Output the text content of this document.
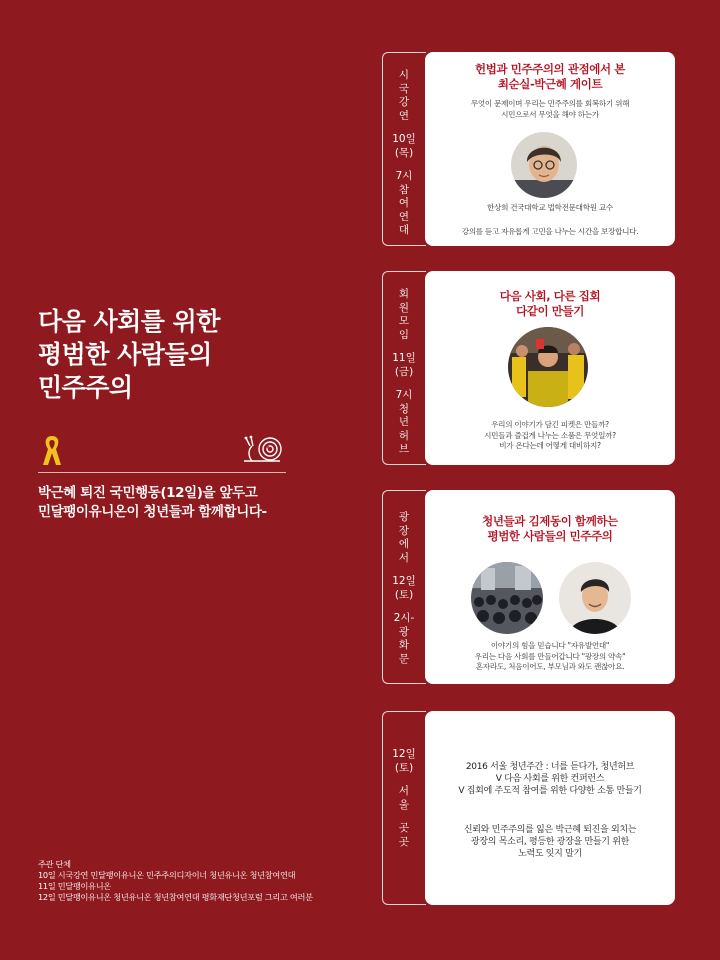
다음 사회를 위한
평범한 사람들의
민주주의
박근혜 퇴진 국민행동(12일)을 앞두고
민달팽이유니온이 청년들과 함께합니다-
주관 단체
10일 시국강연 민달팽이유니온 민주주의디자이너 청년유니온 청년참여연대
11일 민달팽이유니온
12일 민달팽이유니온 청년유니온 청년참여연대 평화재단청년포럼 그리고 여러분
시
국
강
연
10일
(목)
7시
참
여
연
대
헌법과 민주주의의 관점에서 본
최순실-박근혜 게이트
무엇이 문제이며 우리는 민주주의를 회복하기 위해
시민으로서 무엇을 해야 하는가
한상희 건국대학교 법학전문대학원 교수
강의를 듣고 자유롭게 고민을 나누는 시간을 보장합니다.
회
원
모
임
11일
(금)
7시
청
년
허
브
다음 사회, 다른 집회
다같이 만들기
우리의 이야기가 담긴 피켓은 만들까?
시민들과 즐겁게 나누는 소품은 무엇일까?
비가 온다는데 어떻게 대비하지?
광
장
에
서
12일
(토)
2시-
광
화
문
청년들과 김제동이 함께하는
평범한 사람들의 민주주의
이야기의 힘을 믿습니다 "자유발언대"
우리는 다음 사회를 만들어갑니다 "광장의 약속"
혼자라도, 처음이어도, 부모님과 와도 괜찮아요.
12일
(토)
서
울
곳
곳
2016 서울 청년주간 : 너를 듣다가, 청년허브
V 다음 사회를 위한 컨퍼런스
V 집회에 주도적 참여를 위한 다양한 소통 만들기
신뢰와 민주주의를 잃은 박근혜 퇴진을 외치는
광장의 목소리, 평등한 광장을 만들기 위한
노력도 잊지 말기
